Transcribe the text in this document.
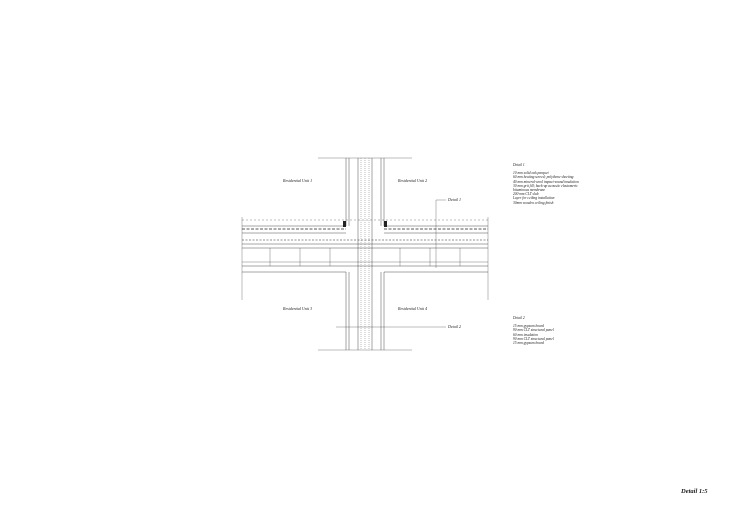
Residential Unit 1	Residential Unit 2
Residential Unit 3	Residential Unit 4
Detail 1
Detail 2
Detail 1
10 mm solid oak parquet
60 mm heating screed; polythene sheeting
40 mm mineral-wool impact-sound insulation
30 mm grit fill; back-up acoustic elastomeric
bituminous membrane
200 mm CLT slab
Layer for ceiling installation
30mm wooden ceiling finish
Detail 2
15 mm gypsum board
90 mm CLT structural panel
60 mm insulation
90 mm CLT structural panel
15 mm gypsum board
Detail 1:5
